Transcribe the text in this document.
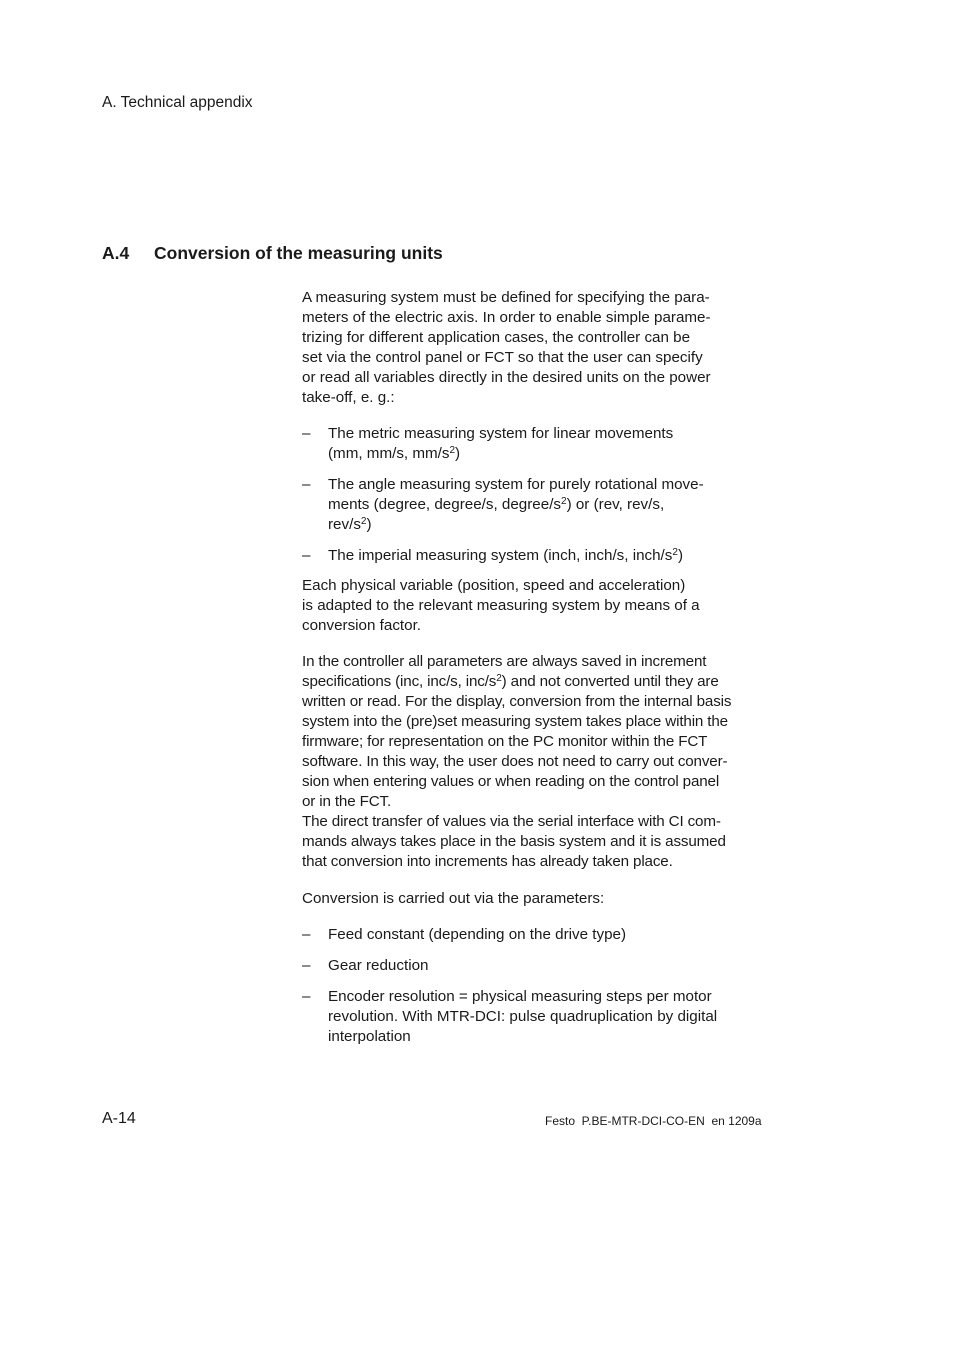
A. Technical appendix
A.4 Conversion of the measuring units

A measuring system must be defined for specifying the para-
meters of the electric axis. In order to enable simple parame-
trizing for different application cases, the controller can be
set via the control panel or FCT so that the user can specify
or read all variables directly in the desired units on the power
take-off, e. g.:

– The metric measuring system for linear movements
(mm, mm/s, $mm/s^2$)
– The angle measuring system for purely rotational move-
ments (degree, degree/s, degree/$s^2$) or (rev, rev/s,
rev/$s^2$)
– The imperial measuring system (inch, inch/s, inch/$s^2$)

Each physical variable (position, speed and acceleration)
is adapted to the relevant measuring system by means of a
conversion factor.

In the controller all parameters are always saved in increment
specifications (inc, inc/s, inc/$s^2$) and not converted until they are
written or read. For the display, conversion from the internal basis
system into the (pre)set measuring system takes place within the
firmware; for representation on the PC monitor within the FCT
software. In this way, the user does not need to carry out conver-
sion when entering values or when reading on the control panel
or in the FCT.
The direct transfer of values via the serial interface with CI com-
mands always takes place in the basis system and it is assumed
that conversion into increments has already taken place.

Conversion is carried out via the parameters:

– Feed constant (depending on the drive type)
– Gear reduction
– Encoder resolution = physical measuring steps per motor
revolution. With MTR-DCI: pulse quadruplication by digital
interpolation
A-14	Festo  P.BE-MTR-DCI-CO-EN  en 1209a
